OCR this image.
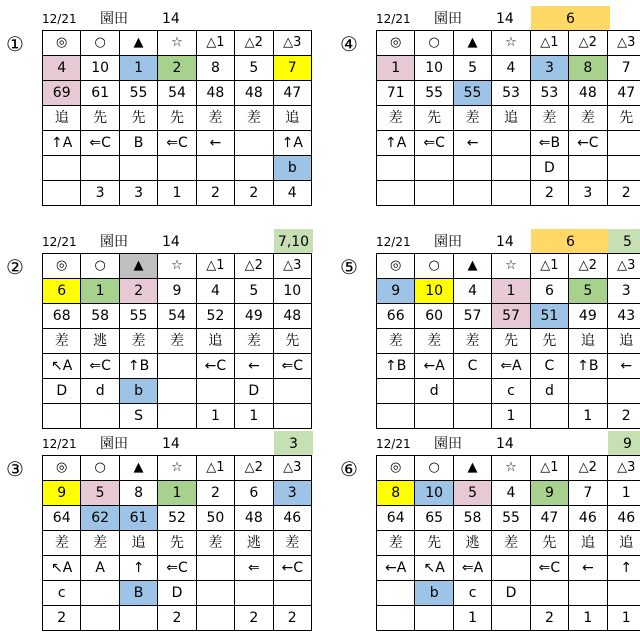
①
12/21 園田 14
◎	○	▲	☆	△1	△2	△3
4	10	1	2	8	5	7
69	61	55	54	48	48	47
追	先	先	先	差	差	追
↑A	⇐C	B	⇐C	←		↑A
						b
	3	3	1	2	2	4
④
12/21 園田 14	6
◎	○	▲	☆	△1	△2	△3
1	10	5	4	3	8	7
71	55	55	53	53	48	47
差	先	差	追	差	差	先
↑A	⇐C	←		⇐B	←C	
				D		
				2	3	2
②
12/21 園田 14	7,10
◎	○	▲	☆	△1	△2	△3
6	1	2	9	4	5	10
68	58	55	54	52	49	48
差	逃	差	差	追	差	先
↖A	⇐C	↑B		←C	←	⇐C
D	d	b			D	
		S		1	1	
⑤
12/21 園田 14	6	5
◎	○	▲	☆	△1	△2	△3
9	10	4	1	6	5	3
66	60	57	57	51	49	43
差	差	差	先	先	追	追
↑B	←A	C	⇐A	C	↑B	←
	d		c	d		
			1		1	2
③
12/21 園田 14	3
◎	○	▲	☆	△1	△2	△3
9	5	8	1	2	6	3
64	62	61	52	50	48	46
差	差	追	先	差	逃	差
↖A	A	↑	⇐C		⇐	←C
c		B	D			
2			2		2	2
⑥
12/21 園田 14	9
◎	○	▲	☆	△1	△2	△3
8	10	5	4	9	7	1
64	65	58	55	47	46	46
差	先	逃	差	先	追	追
←A	↖A	⇐A		⇐C	←	↑
	b	c	D			
		1		2	1	1
